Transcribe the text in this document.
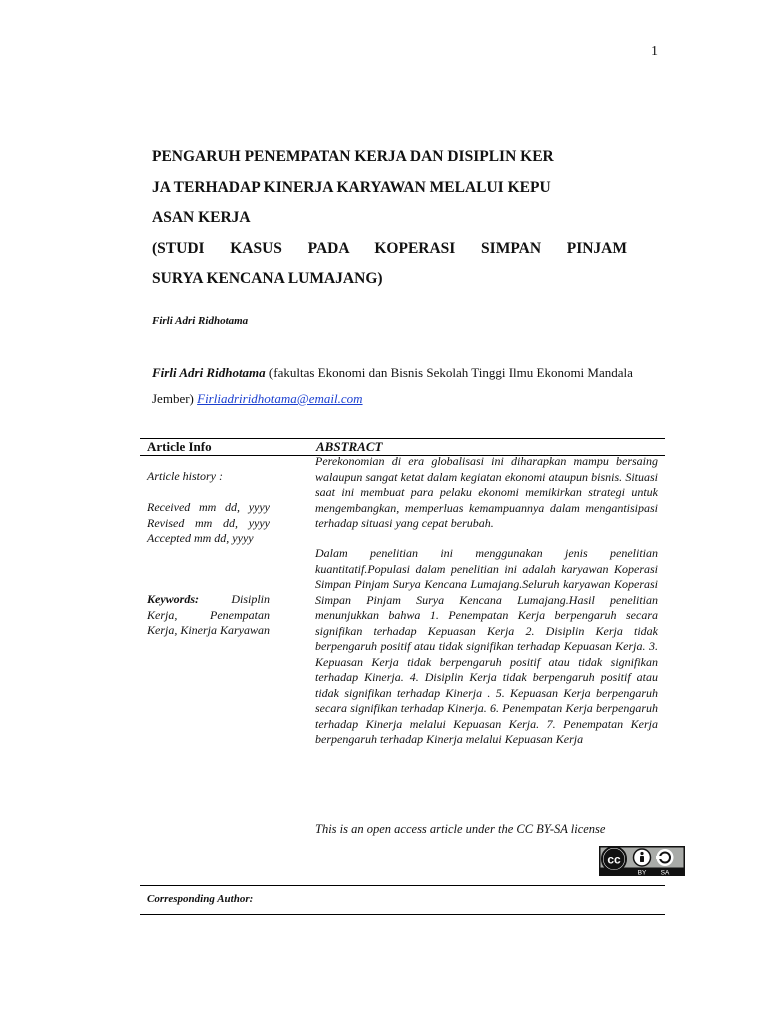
1
PENGARUH PENEMPATAN KERJA DAN DISIPLIN KER
JA TERHADAP KINERJA KARYAWAN MELALUI KEPU
ASAN KERJA
(STUDI KASUS PADA KOPERASI SIMPAN PINJAM
SURYA KENCANA LUMAJANG)
Firli Adri Ridhotama
Firli Adri Ridhotama (fakultas Ekonomi dan Bisnis Sekolah Tinggi Ilmu Ekonomi Mandala Jember) Firliadriridhotama@email.com
Article Info	ABSTRACT
Article history :
Received mm dd, yyyy Revised mm dd, yyyy Accepted mm dd, yyyy
Keywords: Disiplin Kerja, Penempatan Kerja, Kinerja Karyawan
Perekonomian di era globalisasi ini diharapkan mampu bersaing walaupun sangat ketat dalam kegiatan ekonomi ataupun bisnis. Situasi saat ini membuat para pelaku ekonomi memikirkan strategi untuk mengembangkan, memperluas kemampuannya dalam mengantisipasi terhadap situasi yang cepat berubah.
Dalam penelitian ini menggunakan jenis penelitian kuantitatif.Populasi dalam penelitian ini adalah karyawan Koperasi Simpan Pinjam Surya Kencana Lumajang.Seluruh karyawan Koperasi Simpan Pinjam Surya Kencana Lumajang.Hasil penelitian menunjukkan bahwa 1. Penempatan Kerja berpengaruh secara signifikan terhadap Kepuasan Kerja 2. Disiplin Kerja tidak berpengaruh positif atau tidak signifikan terhadap Kepuasan Kerja. 3. Kepuasan Kerja tidak berpengaruh positif atau tidak signifikan terhadap Kinerja. 4. Disiplin Kerja tidak berpengaruh positif atau tidak signifikan terhadap Kinerja . 5. Kepuasan Kerja berpengaruh secara signifikan terhadap Kinerja. 6. Penempatan Kerja berpengaruh terhadap Kinerja melalui Kepuasan Kerja. 7. Penempatan Kerja berpengaruh terhadap Kinerja melalui Kepuasan Kerja
This is an open access article under the CC BY-SA license
cc
BY SA
Corresponding Author:
